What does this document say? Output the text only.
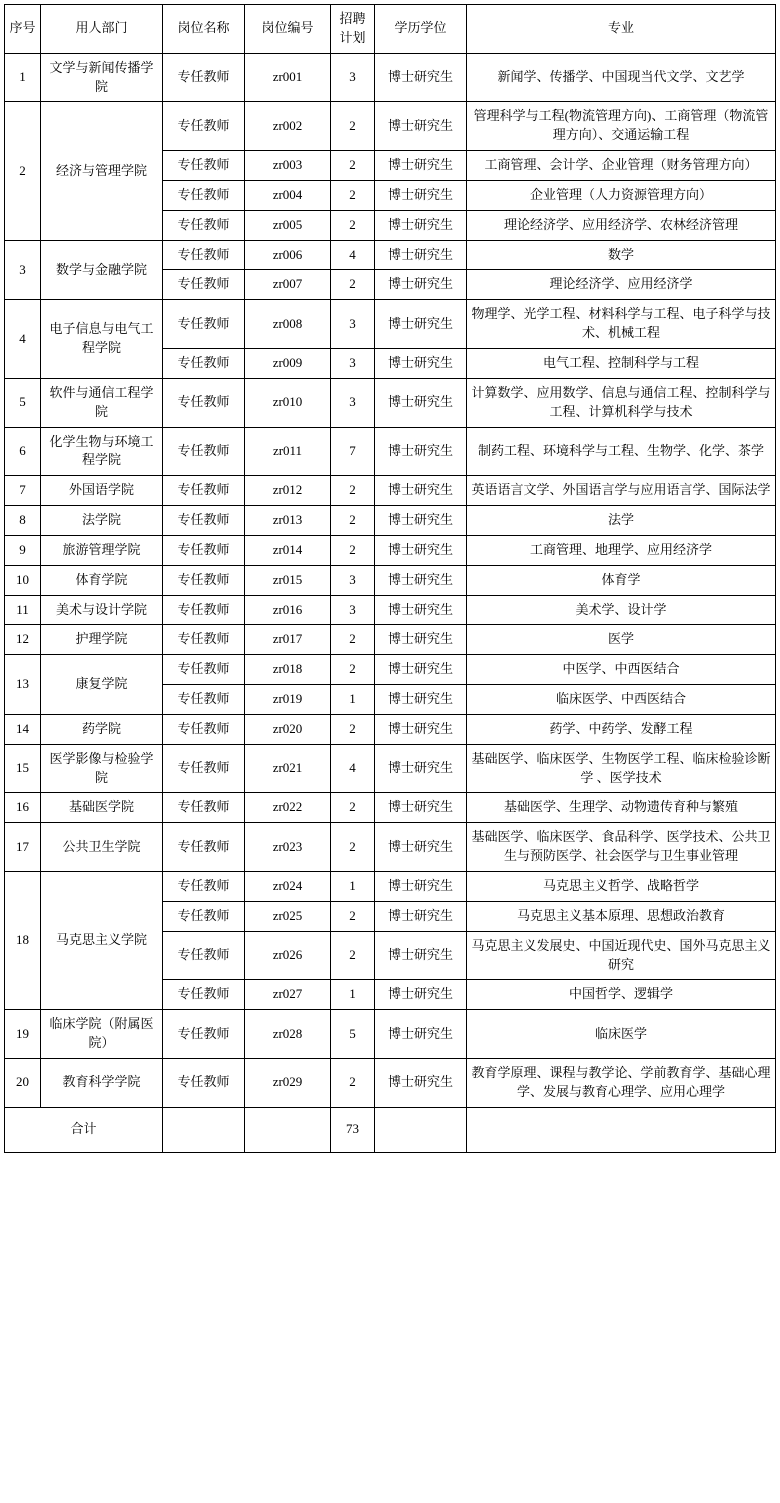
序号	用人部门	岗位名称	岗位编号	招聘计划	学历学位	专业
1	文学与新闻传播学院	专任教师	zr001	3	博士研究生	新闻学、传播学、中国现当代文学、文艺学
2	经济与管理学院	专任教师	zr002	2	博士研究生	管理科学与工程(物流管理方向)、工商管理（物流管理方向）、交通运输工程
		专任教师	zr003	2	博士研究生	工商管理、会计学、企业管理（财务管理方向）
		专任教师	zr004	2	博士研究生	企业管理（人力资源管理方向）
		专任教师	zr005	2	博士研究生	理论经济学、应用经济学、农林经济管理
3	数学与金融学院	专任教师	zr006	4	博士研究生	数学
		专任教师	zr007	2	博士研究生	理论经济学、应用经济学
4	电子信息与电气工程学院	专任教师	zr008	3	博士研究生	物理学、光学工程、材料科学与工程、电子科学与技术、机械工程
		专任教师	zr009	3	博士研究生	电气工程、控制科学与工程
5	软件与通信工程学院	专任教师	zr010	3	博士研究生	计算数学、应用数学、信息与通信工程、控制科学与工程、计算机科学与技术
6	化学生物与环境工程学院	专任教师	zr011	7	博士研究生	制药工程、环境科学与工程、生物学、化学、茶学
7	外国语学院	专任教师	zr012	2	博士研究生	英语语言文学、外国语言学与应用语言学、国际法学
8	法学院	专任教师	zr013	2	博士研究生	法学
9	旅游管理学院	专任教师	zr014	2	博士研究生	工商管理、地理学、应用经济学
10	体育学院	专任教师	zr015	3	博士研究生	体育学
11	美术与设计学院	专任教师	zr016	3	博士研究生	美术学、设计学
12	护理学院	专任教师	zr017	2	博士研究生	医学
13	康复学院	专任教师	zr018	2	博士研究生	中医学、中西医结合
		专任教师	zr019	1	博士研究生	临床医学、中西医结合
14	药学院	专任教师	zr020	2	博士研究生	药学、中药学、发酵工程
15	医学影像与检验学院	专任教师	zr021	4	博士研究生	基础医学、临床医学、生物医学工程、临床检验诊断学 、医学技术
16	基础医学院	专任教师	zr022	2	博士研究生	基础医学、生理学、动物遗传育种与繁殖
17	公共卫生学院	专任教师	zr023	2	博士研究生	基础医学、临床医学、食品科学、医学技术、公共卫生与预防医学、社会医学与卫生事业管理
18	马克思主义学院	专任教师	zr024	1	博士研究生	马克思主义哲学、战略哲学
		专任教师	zr025	2	博士研究生	马克思主义基本原理、思想政治教育
		专任教师	zr026	2	博士研究生	马克思主义发展史、中国近现代史、国外马克思主义研究
		专任教师	zr027	1	博士研究生	中国哲学、逻辑学
19	临床学院（附属医院）	专任教师	zr028	5	博士研究生	临床医学
20	教育科学学院	专任教师	zr029	2	博士研究生	教育学原理、课程与教学论、学前教育学、基础心理学、发展与教育心理学、应用心理学
合计				73		
